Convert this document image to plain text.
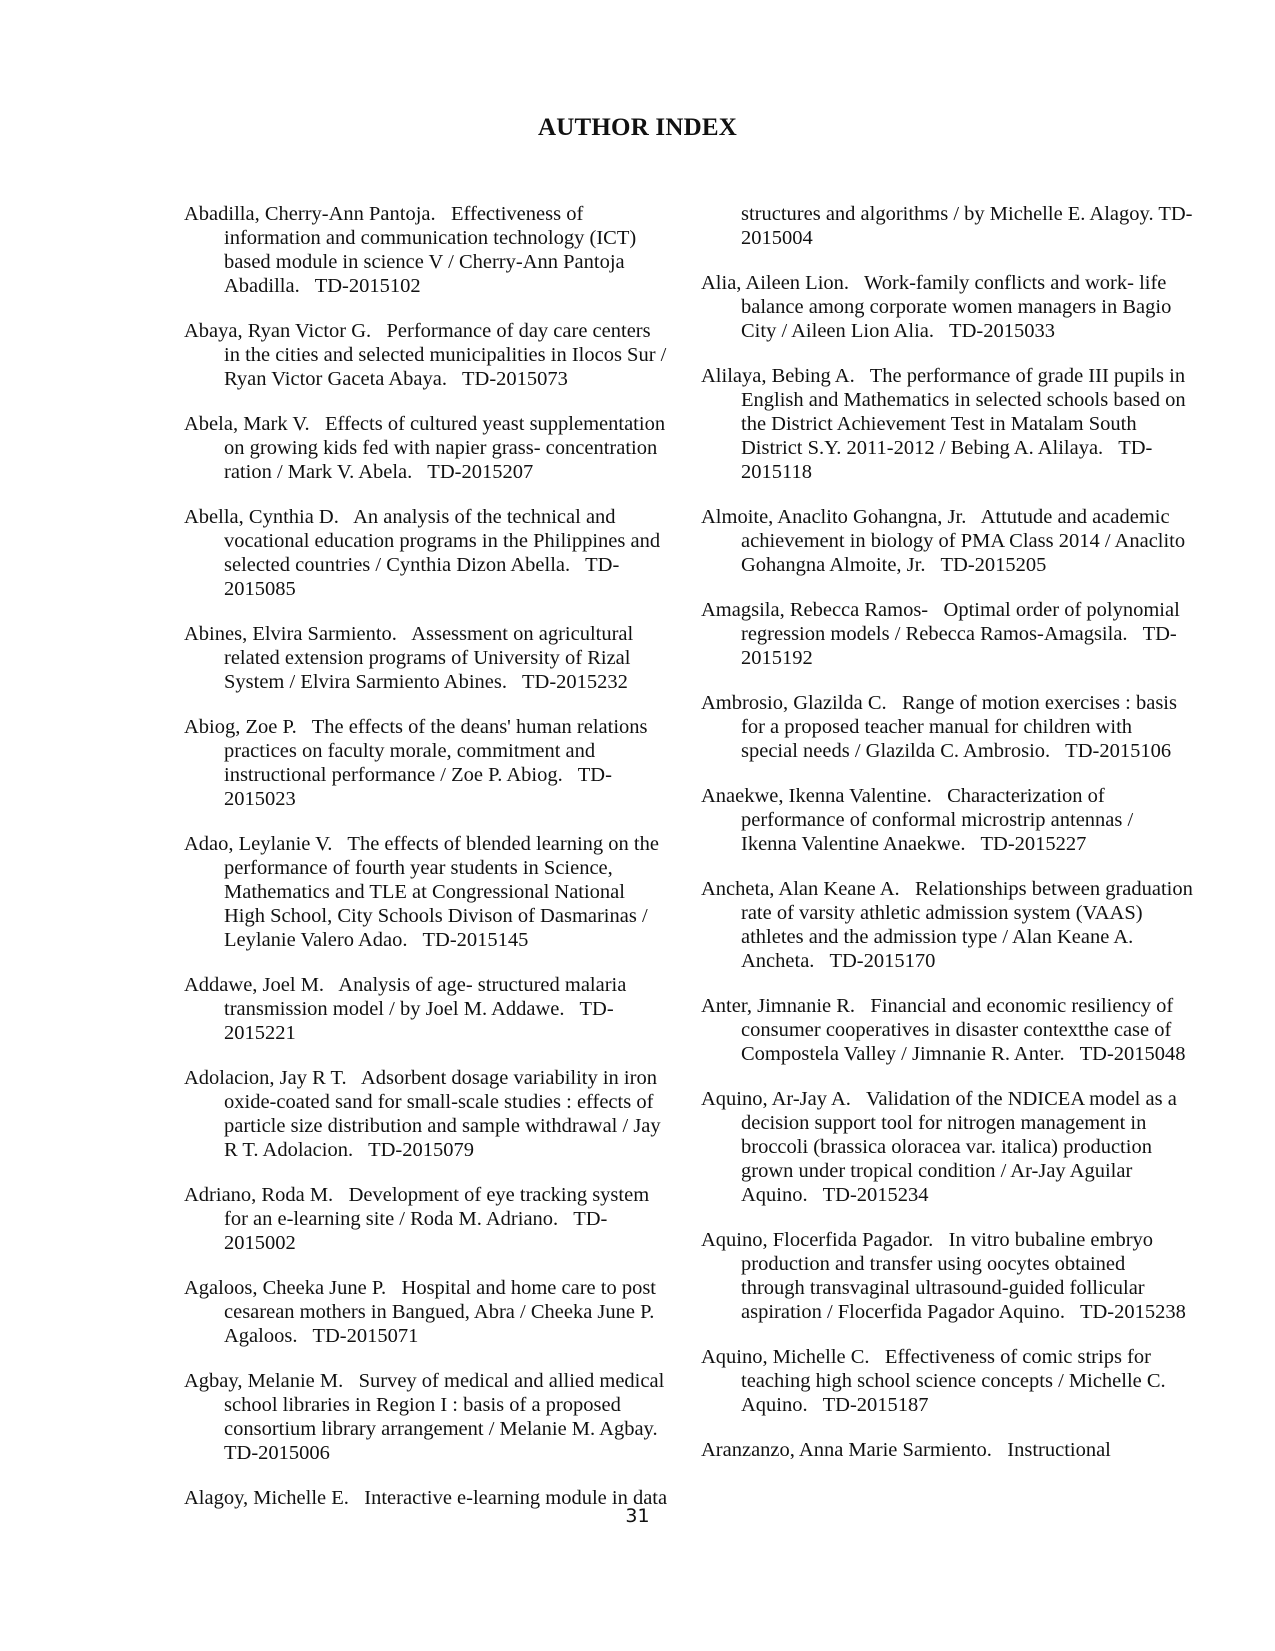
AUTHOR INDEX

Abadilla, Cherry-Ann Pantoja. Effectiveness of information and communication technology (ICT) based module in science V / Cherry-Ann Pantoja Abadilla. TD-2015102

Abaya, Ryan Victor G. Performance of day care centers in the cities and selected municipalities in Ilocos Sur / Ryan Victor Gaceta Abaya. TD-2015073

Abela, Mark V. Effects of cultured yeast supplementation on growing kids fed with napier grass- concentration ration / Mark V. Abela. TD-2015207

Abella, Cynthia D. An analysis of the technical and vocational education programs in the Philippines and selected countries / Cynthia Dizon Abella. TD-2015085

Abines, Elvira Sarmiento. Assessment on agricultural related extension programs of University of Rizal System / Elvira Sarmiento Abines. TD-2015232

Abiog, Zoe P. The effects of the deans' human relations practices on faculty morale, commitment and instructional performance / Zoe P. Abiog. TD-2015023

Adao, Leylanie V. The effects of blended learning on the performance of fourth year students in Science, Mathematics and TLE at Congressional National High School, City Schools Divison of Dasmarinas / Leylanie Valero Adao. TD-2015145

Addawe, Joel M. Analysis of age- structured malaria transmission model / by Joel M. Addawe. TD-2015221

Adolacion, Jay R T. Adsorbent dosage variability in iron oxide-coated sand for small-scale studies : effects of particle size distribution and sample withdrawal / Jay R T. Adolacion. TD-2015079

Adriano, Roda M. Development of eye tracking system for an e-learning site / Roda M. Adriano. TD-2015002

Agaloos, Cheeka June P. Hospital and home care to post cesarean mothers in Bangued, Abra / Cheeka June P. Agaloos. TD-2015071

Agbay, Melanie M. Survey of medical and allied medical school libraries in Region I : basis of a proposed consortium library arrangement / Melanie M. Agbay.   TD-2015006

Alagoy, Michelle E. Interactive e-learning module in data

structures and algorithms / by Michelle E. Alagoy. TD-2015004

Alia, Aileen Lion. Work-family conflicts and work- life balance among corporate women managers in Bagio City / Aileen Lion Alia. TD-2015033

Alilaya, Bebing A. The performance of grade III pupils in English and Mathematics in selected schools based on the District Achievement Test in Matalam South District S.Y. 2011-2012 / Bebing A. Alilaya. TD-2015118

Almoite, Anaclito Gohangna, Jr. Attutude and academic achievement in biology of PMA Class 2014 / Anaclito Gohangna Almoite, Jr. TD-2015205

Amagsila, Rebecca Ramos- Optimal order of polynomial regression models / Rebecca Ramos-Amagsila. TD-2015192

Ambrosio, Glazilda C. Range of motion exercises : basis for a proposed teacher manual for children with special needs / Glazilda C. Ambrosio. TD-2015106

Anaekwe, Ikenna Valentine. Characterization of performance of conformal microstrip antennas / Ikenna Valentine Anaekwe. TD-2015227

Ancheta, Alan Keane A. Relationships between graduation rate of varsity athletic admission system (VAAS) athletes and the admission type / Alan Keane A. Ancheta. TD-2015170

Anter, Jimnanie R. Financial and economic resiliency of consumer cooperatives in disaster contextthe case of Compostela Valley / Jimnanie R. Anter. TD-2015048

Aquino, Ar-Jay A. Validation of the NDICEA model as a decision support tool for nitrogen management in broccoli (brassica oloracea var. italica) production grown under tropical condition / Ar-Jay Aguilar Aquino. TD-2015234

Aquino, Flocerfida Pagador. In vitro bubaline embryo production and transfer using oocytes obtained through transvaginal ultrasound-guided follicular aspiration / Flocerfida Pagador Aquino. TD-2015238

Aquino, Michelle C. Effectiveness of comic strips for teaching high school science concepts / Michelle C. Aquino. TD-2015187

Aranzanzo, Anna Marie Sarmiento. Instructional

31
